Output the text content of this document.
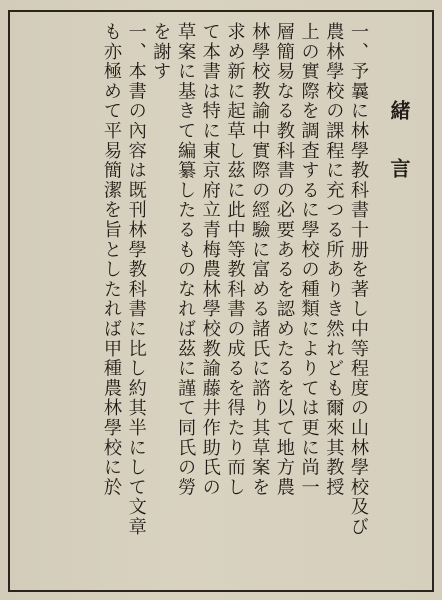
緒言
一、予曩に林學教科書十册を著し中等程度の山林學校及び
農林學校の課程に充つる所ありき然れども爾來其教授
上の實際を調査するに學校の種類によりては更に尚一
層簡易なる教科書の必要あるを認めたるを以て地方農
林學校教諭中實際の經驗に富める諸氏に諮り其草案を
求め新に起草し茲に此中等教科書の成るを得たり而し
て本書は特に東京府立青梅農林學校教諭藤井作助氏の
草案に基きて編纂したるものなれば茲に謹て同氏の勞
を謝す
一、本書の內容は既刊林學教科書に比し約其半にして文章
も亦極めて平易簡潔を旨としたれば甲種農林學校に於
